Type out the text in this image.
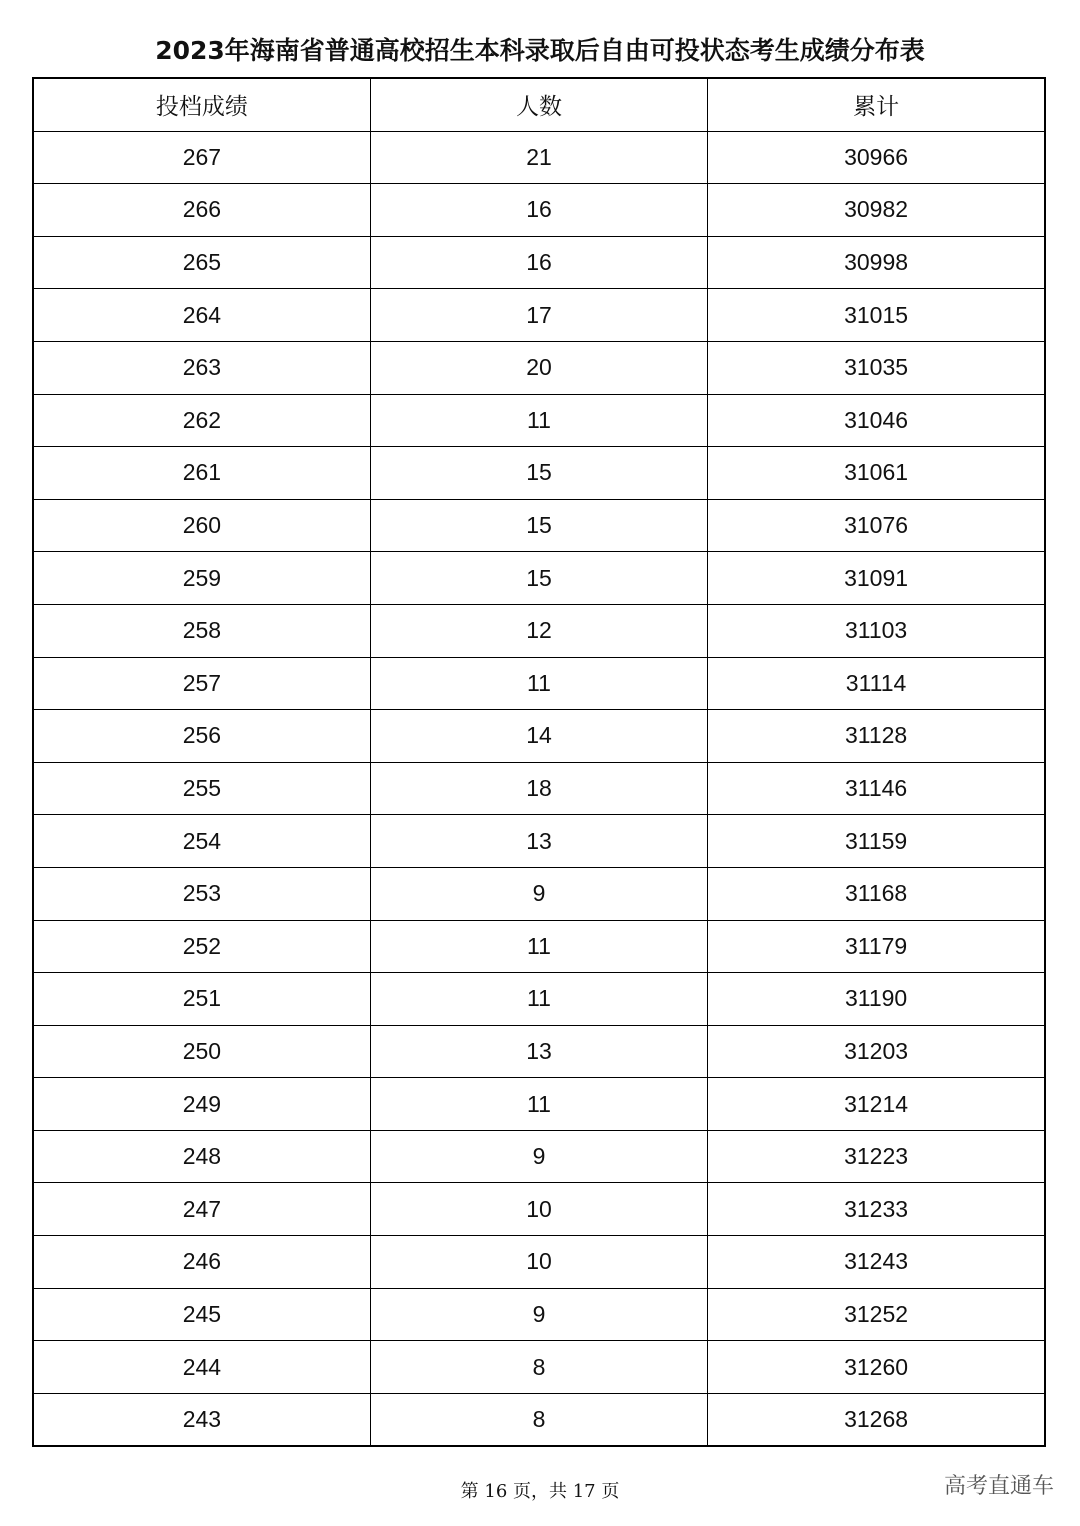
2023年海南省普通高校招生本科录取后自由可投状态考生成绩分布表
投档成绩	人数	累计
267	21	30966
266	16	30982
265	16	30998
264	17	31015
263	20	31035
262	11	31046
261	15	31061
260	15	31076
259	15	31091
258	12	31103
257	11	31114
256	14	31128
255	18	31146
254	13	31159
253	9	31168
252	11	31179
251	11	31190
250	13	31203
249	11	31214
248	9	31223
247	10	31233
246	10	31243
245	9	31252
244	8	31260
243	8	31268
第 16 页，共 17 页	高考直通车
